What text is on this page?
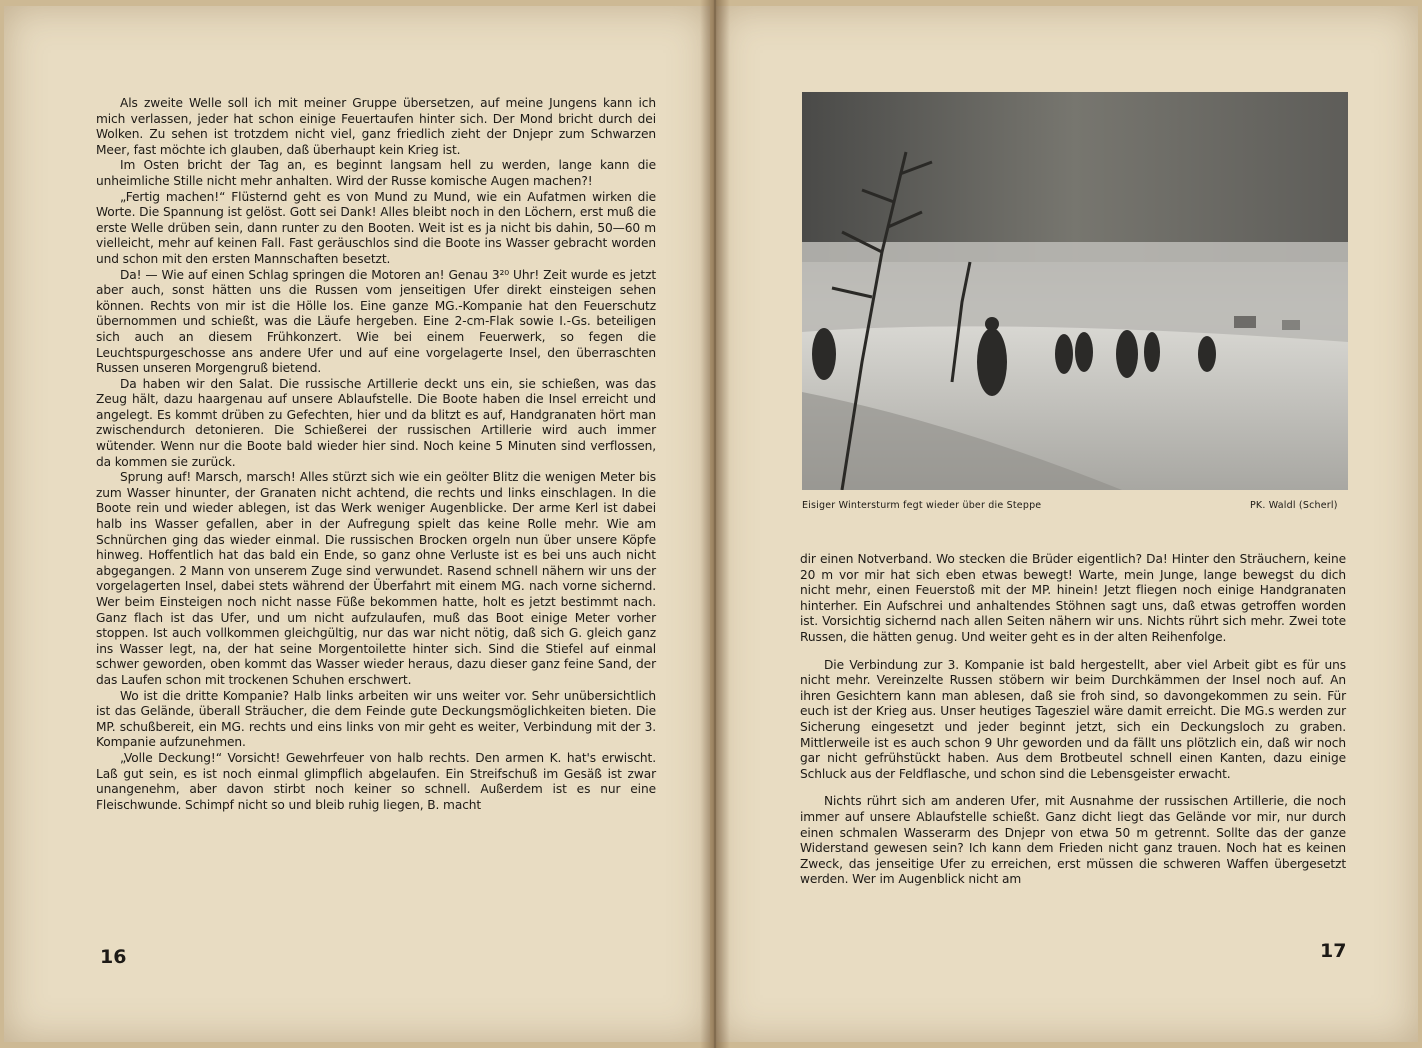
Als zweite Welle soll ich mit meiner Gruppe übersetzen, auf meine Jungens kann ich mich verlassen, jeder hat schon einige Feuertaufen hinter sich. Der Mond bricht durch dei Wolken. Zu sehen ist trotzdem nicht viel, ganz friedlich zieht der Dnjepr zum Schwarzen Meer, fast möchte ich glauben, daß überhaupt kein Krieg ist.

Im Osten bricht der Tag an, es beginnt langsam hell zu werden, lange kann die unheimliche Stille nicht mehr anhalten. Wird der Russe komische Augen machen?!

„Fertig machen!“ Flüsternd geht es von Mund zu Mund, wie ein Aufatmen wirken die Worte. Die Spannung ist gelöst. Gott sei Dank! Alles bleibt noch in den Löchern, erst muß die erste Welle drüben sein, dann runter zu den Booten. Weit ist es ja nicht bis dahin, 50—60 m vielleicht, mehr auf keinen Fall. Fast geräuschlos sind die Boote ins Wasser gebracht worden und schon mit den ersten Mannschaften besetzt.

Da! — Wie auf einen Schlag springen die Motoren an! Genau 3²⁰ Uhr! Zeit wurde es jetzt aber auch, sonst hätten uns die Russen vom jenseitigen Ufer direkt einsteigen sehen können. Rechts von mir ist die Hölle los. Eine ganze MG.-Kompanie hat den Feuerschutz übernommen und schießt, was die Läufe hergeben. Eine 2-cm-Flak sowie I.-Gs. beteiligen sich auch an diesem Frühkonzert. Wie bei einem Feuerwerk, so fegen die Leuchtspurgeschosse ans andere Ufer und auf eine vorgelagerte Insel, den überraschten Russen unseren Morgengruß bietend.

Da haben wir den Salat. Die russische Artillerie deckt uns ein, sie schießen, was das Zeug hält, dazu haargenau auf unsere Ablaufstelle. Die Boote haben die Insel erreicht und angelegt. Es kommt drüben zu Gefechten, hier und da blitzt es auf, Handgranaten hört man zwischendurch detonieren. Die Schießerei der russischen Artillerie wird auch immer wütender. Wenn nur die Boote bald wieder hier sind. Noch keine 5 Minuten sind verflossen, da kommen sie zurück.

Sprung auf! Marsch, marsch! Alles stürzt sich wie ein geölter Blitz die wenigen Meter bis zum Wasser hinunter, der Granaten nicht achtend, die rechts und links einschlagen. In die Boote rein und wieder ablegen, ist das Werk weniger Augenblicke. Der arme Kerl ist dabei halb ins Wasser gefallen, aber in der Aufregung spielt das keine Rolle mehr. Wie am Schnürchen ging das wieder einmal. Die russischen Brocken orgeln nun über unsere Köpfe hinweg. Hoffentlich hat das bald ein Ende, so ganz ohne Verluste ist es bei uns auch nicht abgegangen. 2 Mann von unserem Zuge sind verwundet. Rasend schnell nähern wir uns der vorgelagerten Insel, dabei stets während der Überfahrt mit einem MG. nach vorne sichernd. Wer beim Einsteigen noch nicht nasse Füße bekommen hatte, holt es jetzt bestimmt nach. Ganz flach ist das Ufer, und um nicht aufzulaufen, muß das Boot einige Meter vorher stoppen. Ist auch vollkommen gleichgültig, nur das war nicht nötig, daß sich G. gleich ganz ins Wasser legt, na, der hat seine Morgentoilette hinter sich. Sind die Stiefel auf einmal schwer geworden, oben kommt das Wasser wieder heraus, dazu dieser ganz feine Sand, der das Laufen schon mit trockenen Schuhen erschwert.

Wo ist die dritte Kompanie? Halb links arbeiten wir uns weiter vor. Sehr unübersichtlich ist das Gelände, überall Sträucher, die dem Feinde gute Deckungsmöglichkeiten bieten. Die MP. schußbereit, ein MG. rechts und eins links von mir geht es weiter, Verbindung mit der 3. Kompanie aufzunehmen.

„Volle Deckung!“ Vorsicht! Gewehrfeuer von halb rechts. Den armen K. hat's erwischt. Laß gut sein, es ist noch einmal glimpflich abgelaufen. Ein Streifschuß im Gesäß ist zwar unangenehm, aber davon stirbt noch keiner so schnell. Außerdem ist es nur eine Fleischwunde. Schimpf nicht so und bleib ruhig liegen, B. macht

16
Eisiger Wintersturm fegt wieder über die Steppe	PK. Waldl (Scherl)

dir einen Notverband. Wo stecken die Brüder eigentlich? Da! Hinter den Sträuchern, keine 20 m vor mir hat sich eben etwas bewegt! Warte, mein Junge, lange bewegst du dich nicht mehr, einen Feuerstoß mit der MP. hinein! Jetzt fliegen noch einige Handgranaten hinterher. Ein Aufschrei und anhaltendes Stöhnen sagt uns, daß etwas getroffen worden ist. Vorsichtig sichernd nach allen Seiten nähern wir uns. Nichts rührt sich mehr. Zwei tote Russen, die hätten genug. Und weiter geht es in der alten Reihenfolge.

Die Verbindung zur 3. Kompanie ist bald hergestellt, aber viel Arbeit gibt es für uns nicht mehr. Vereinzelte Russen stöbern wir beim Durchkämmen der Insel noch auf. An ihren Gesichtern kann man ablesen, daß sie froh sind, so davongekommen zu sein. Für euch ist der Krieg aus. Unser heutiges Tagesziel wäre damit erreicht. Die MG.s werden zur Sicherung eingesetzt und jeder beginnt jetzt, sich ein Deckungsloch zu graben. Mittlerweile ist es auch schon 9 Uhr geworden und da fällt uns plötzlich ein, daß wir noch gar nicht gefrühstückt haben. Aus dem Brotbeutel schnell einen Kanten, dazu einige Schluck aus der Feldflasche, und schon sind die Lebensgeister erwacht.

Nichts rührt sich am anderen Ufer, mit Ausnahme der russischen Artillerie, die noch immer auf unsere Ablaufstelle schießt. Ganz dicht liegt das Gelände vor mir, nur durch einen schmalen Wasserarm des Dnjepr von etwa 50 m getrennt. Sollte das der ganze Widerstand gewesen sein? Ich kann dem Frieden nicht ganz trauen. Noch hat es keinen Zweck, das jenseitige Ufer zu erreichen, erst müssen die schweren Waffen übergesetzt werden. Wer im Augenblick nicht am

17
